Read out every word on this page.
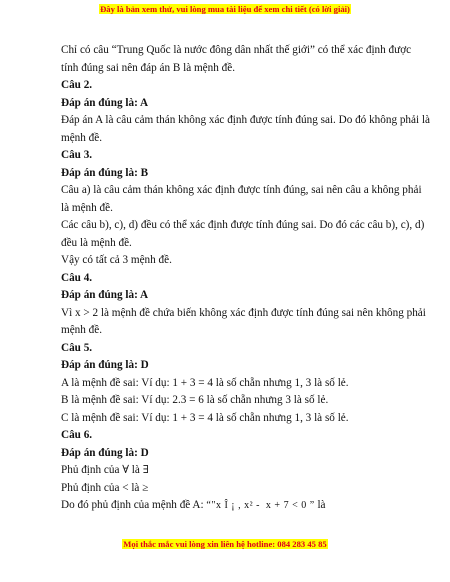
Đây là bản xem thử, vui lòng mua tài liệu để xem chi tiết (có lời giải)
Chỉ có câu “Trung Quốc là nước đông dân nhất thế giới” có thể xác định được
tính đúng sai nên đáp án B là mệnh đề.
Câu 2.
Đáp án đúng là: A
Đáp án A là câu cảm thán không xác định được tính đúng sai. Do đó không phải là
mệnh đề.
Câu 3.
Đáp án đúng là: B
Câu a) là câu cảm thán không xác định được tính đúng, sai nên câu a không phải
là mệnh đề.
Các câu b), c), d) đều có thể xác định được tính đúng sai. Do đó các câu b), c), d)
đều là mệnh đề.
Vậy có tất cả 3 mệnh đề.
Câu 4.
Đáp án đúng là: A
Vì x > 2 là mệnh đề chứa biến không xác định được tính đúng sai nên không phải
mệnh đề.
Câu 5.
Đáp án đúng là: D
A là mệnh đề sai: Ví dụ: 1 + 3 = 4 là số chẵn nhưng 1, 3 là số lẻ.
B là mệnh đề sai: Ví dụ: 2.3 = 6 là số chẵn nhưng 3 là số lẻ.
C là mệnh đề sai: Ví dụ: 1 + 3 = 4 là số chẵn nhưng 1, 3 là số lẻ.
Câu 6.
Đáp án đúng là: D
Phủ định của ∀ là ∃
Phủ định của < là ≥
Do đó phủ định của mệnh đề A: “"x Î ¡ , x² -  x + 7 < 0 ” là
Mọi thắc mắc vui lòng xin liên hệ hotline: 084 283 45 85
